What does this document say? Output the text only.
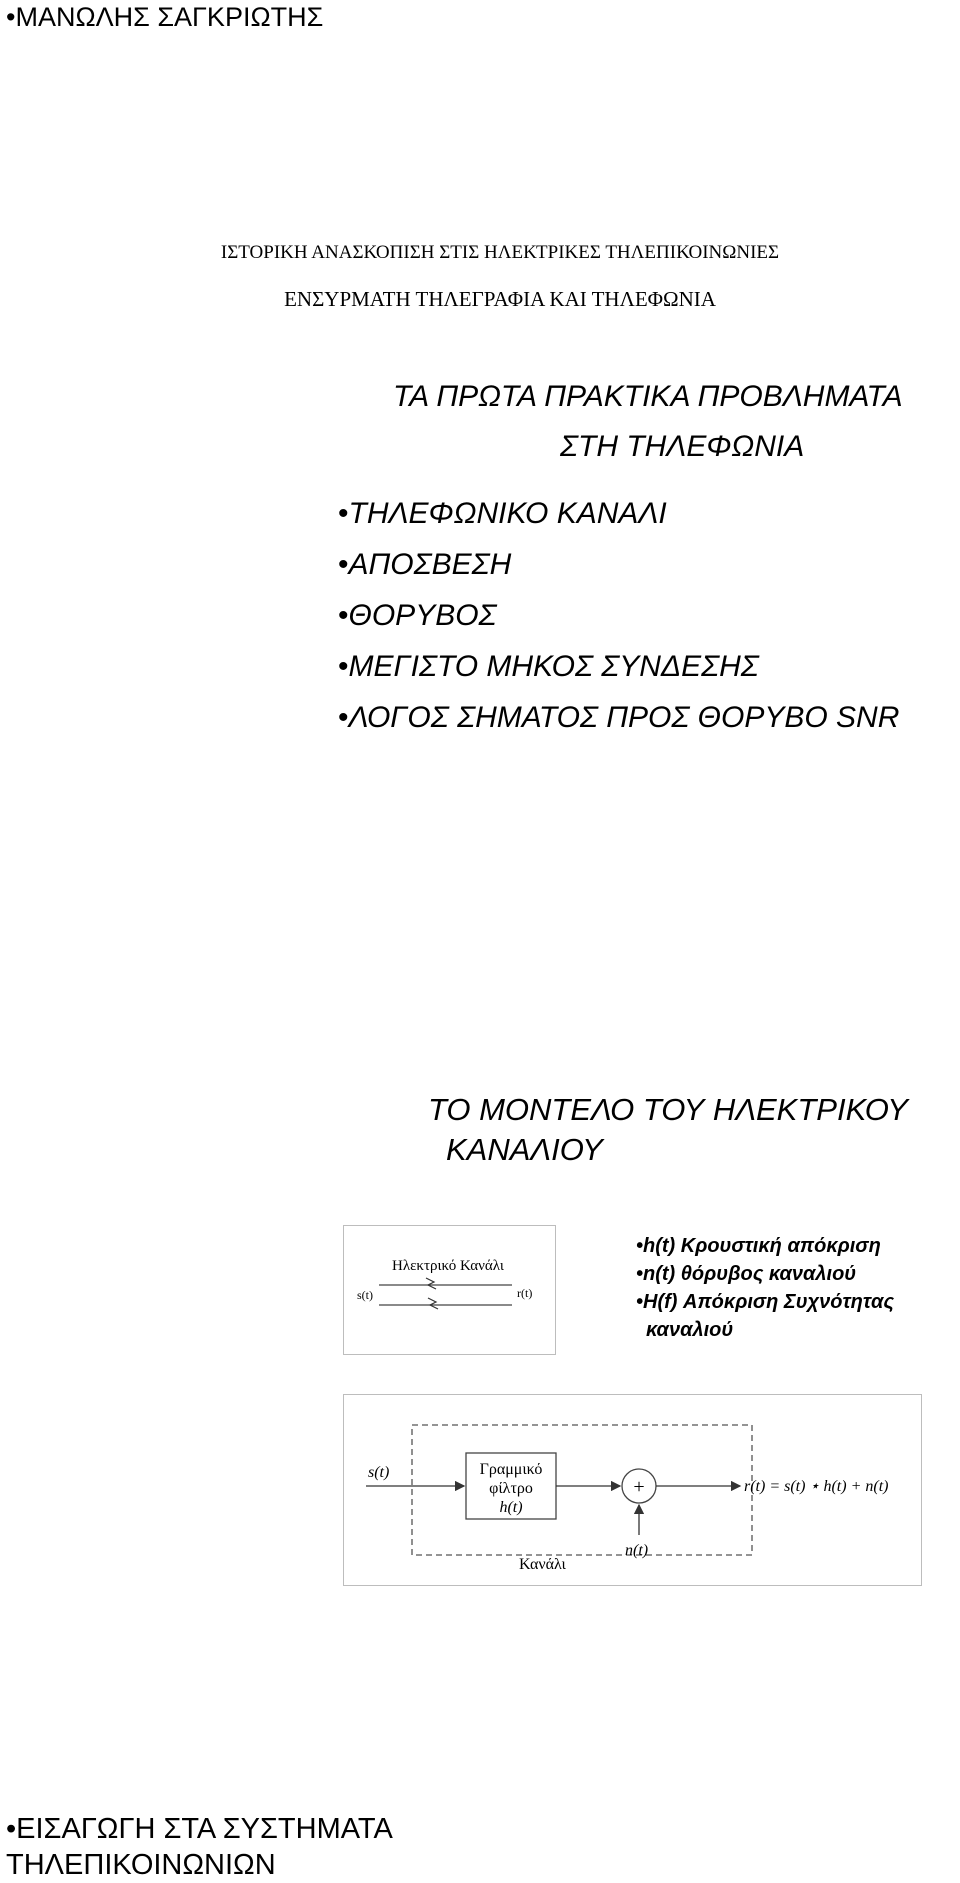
•ΜΑΝΩΛΗΣ ΣΑΓΚΡΙΩΤΗΣ
ΙΣΤΟΡΙΚΗ ΑΝΑΣΚΟΠΙΣΗ ΣΤΙΣ ΗΛΕΚΤΡΙΚΕΣ ΤΗΛΕΠΙΚΟΙΝΩΝΙΕΣ
ΕΝΣΥΡΜΑΤΗ ΤΗΛΕΓΡΑΦΙΑ ΚΑΙ ΤΗΛΕΦΩΝΙΑ
ΤΑ ΠΡΩΤΑ ΠΡΑΚΤΙΚΑ ΠΡΟΒΛΗΜΑΤΑ
ΣΤΗ ΤΗΛΕΦΩΝΙΑ
•ΤΗΛΕΦΩΝΙΚΟ ΚΑΝΑΛΙ
•ΑΠΟΣΒΕΣΗ
•ΘΟΡΥΒΟΣ
•ΜΕΓΙΣΤΟ ΜΗΚΟΣ ΣΥΝΔΕΣΗΣ
•ΛΟΓΟΣ ΣΗΜΑΤΟΣ ΠΡΟΣ ΘΟΡΥΒΟ SNR
ΤΟ ΜΟΝΤΕΛΟ ΤΟΥ ΗΛΕΚΤΡΙΚΟΥ
ΚΑΝΑΛΙΟΥ
Ηλεκτρικό Κανάλι
s(t)	r(t)
•h(t) Κρουστική απόκριση
•n(t) θόρυβος καναλιού
•H(f) Απόκριση Συχνότητας
καναλιού
s(t)	Γραμμικό
φίλτρο
h(t)
+
n(t)
r(t) = s(t) ⋆ h(t) + n(t)
Κανάλι
•ΕΙΣΑΓΩΓΗ ΣΤΑ ΣΥΣΤΗΜΑΤΑ
ΤΗΛΕΠΙΚΟΙΝΩΝΙΩΝ
